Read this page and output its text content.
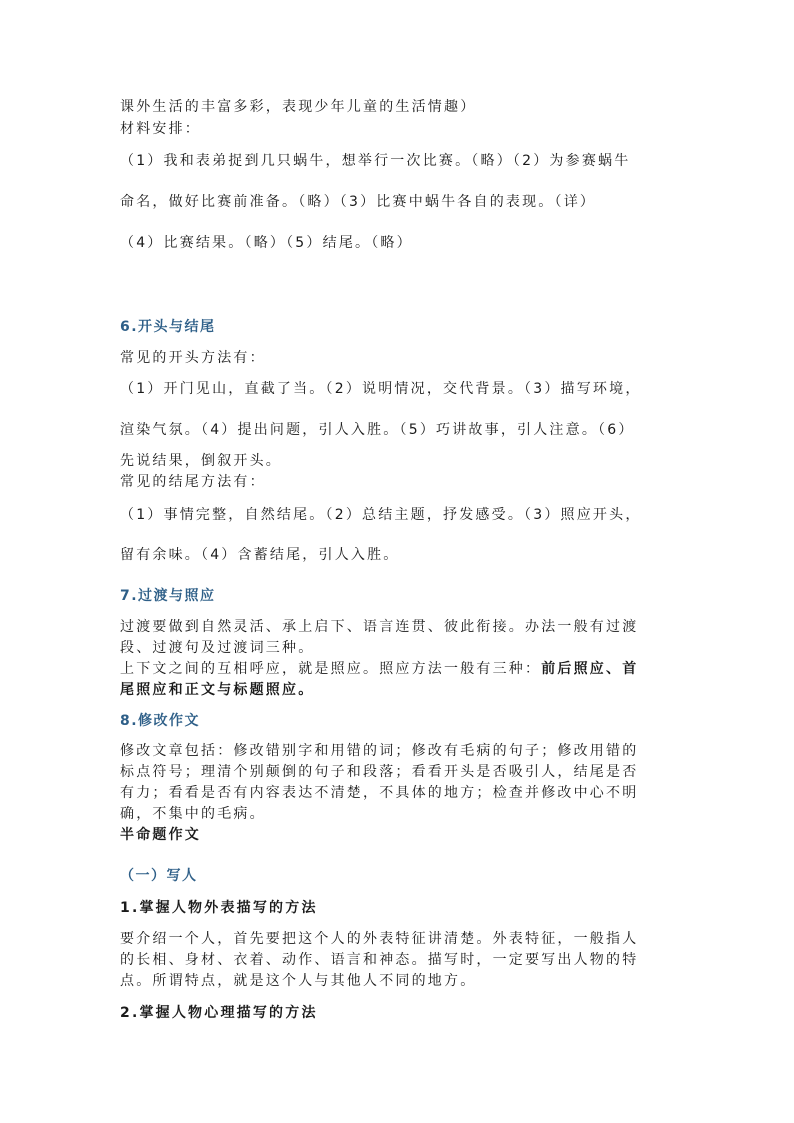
课外生活的丰富多彩，表现少年儿童的生活情趣）
材料安排：
（1）我和表弟捉到几只蜗牛，想举行一次比赛。（略）（2）为参赛蜗牛
命名，做好比赛前准备。（略）（3）比赛中蜗牛各自的表现。（详）
（4）比赛结果。（略）（5）结尾。（略）
6.开头与结尾
常见的开头方法有：
（1）开门见山，直截了当。（2）说明情况，交代背景。（3）描写环境，
渲染气氛。（4）提出问题，引人入胜。（5）巧讲故事，引人注意。（6）
先说结果，倒叙开头。
常见的结尾方法有：
（1）事情完整，自然结尾。（2）总结主题，抒发感受。（3）照应开头，
留有余味。（4）含蓄结尾，引人入胜。
7.过渡与照应
过渡要做到自然灵活、承上启下、语言连贯、彼此衔接。办法一般有过渡
段、过渡句及过渡词三种。
上下文之间的互相呼应，就是照应。照应方法一般有三种：前后照应、首
尾照应和正文与标题照应。
8.修改作文
修改文章包括：修改错别字和用错的词；修改有毛病的句子；修改用错的
标点符号；理清个别颠倒的句子和段落；看看开头是否吸引人，结尾是否
有力；看看是否有内容表达不清楚，不具体的地方；检查并修改中心不明
确，不集中的毛病。
半命题作文
（一）写人
1.掌握人物外表描写的方法
要介绍一个人，首先要把这个人的外表特征讲清楚。外表特征，一般指人
的长相、身材、衣着、动作、语言和神态。描写时，一定要写出人物的特
点。所谓特点，就是这个人与其他人不同的地方。
2.掌握人物心理描写的方法
